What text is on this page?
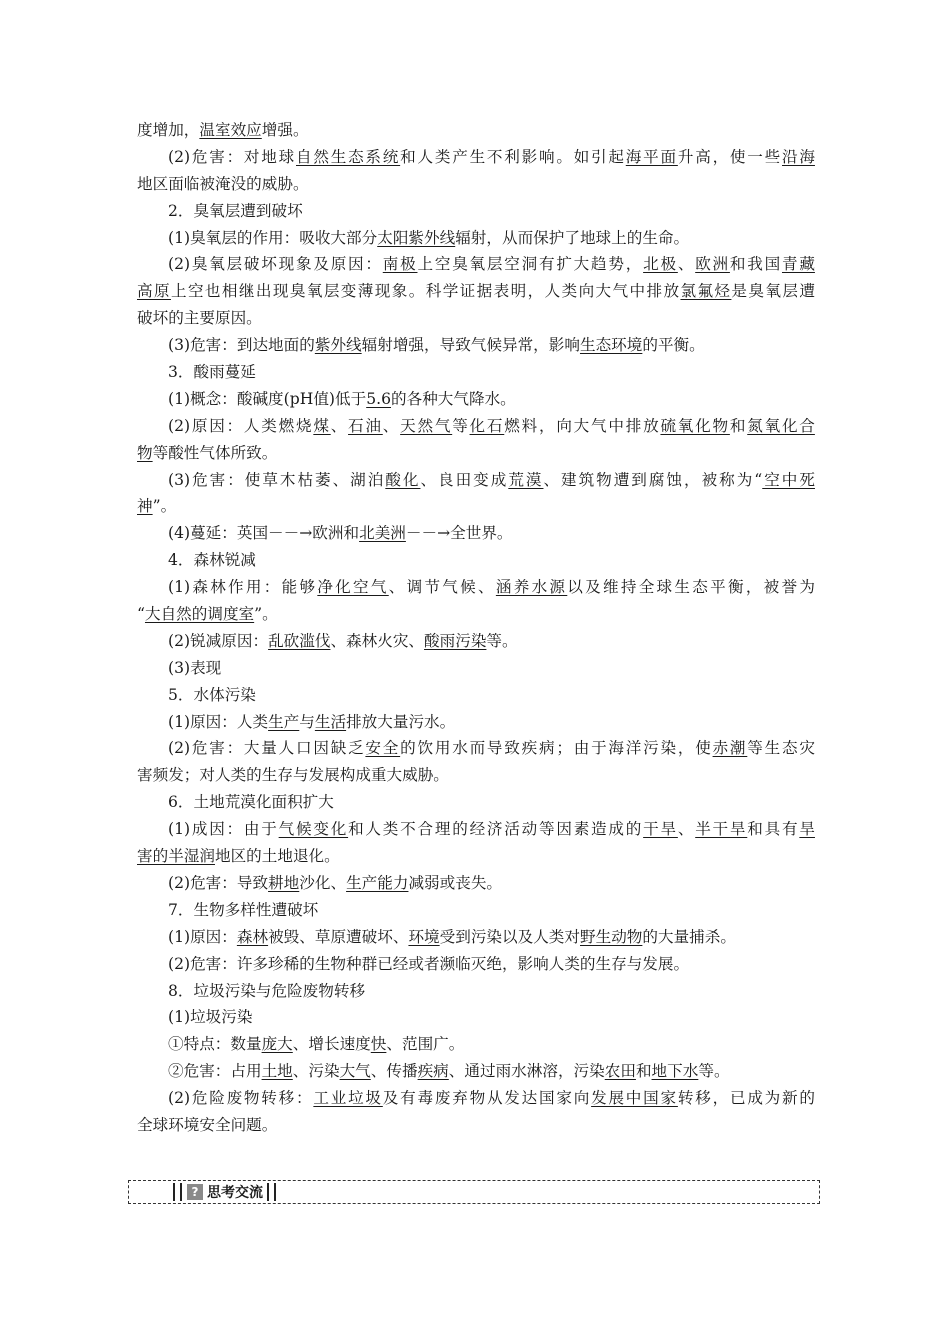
度增加，温室效应增强。
(2)危害：对地球自然生态系统和人类产生不利影响。如引起海平面升高，使一些沿海
地区面临被淹没的威胁。
2．臭氧层遭到破坏
(1)臭氧层的作用：吸收大部分太阳紫外线辐射，从而保护了地球上的生命。
(2)臭氧层破坏现象及原因：南极上空臭氧层空洞有扩大趋势，北极、欧洲和我国青藏
高原上空也相继出现臭氧层变薄现象。科学证据表明，人类向大气中排放氯氟烃是臭氧层遭
破坏的主要原因。
(3)危害：到达地面的紫外线辐射增强，导致气候异常，影响生态环境的平衡。
3．酸雨蔓延
(1)概念：酸碱度(pH值)低于5.6的各种大气降水。
(2)原因：人类燃烧煤、石油、天然气等化石燃料，向大气中排放硫氧化物和氮氧化合
物等酸性气体所致。
(3)危害：使草木枯萎、湖泊酸化、良田变成荒漠、建筑物遭到腐蚀，被称为“空中死
神”。
(4)蔓延：英国－－→欧洲和北美洲－－→全世界。
4．森林锐减
(1)森林作用：能够净化空气、调节气候、涵养水源以及维持全球生态平衡，被誉为
“大自然的调度室”。
(2)锐减原因：乱砍滥伐、森林火灾、酸雨污染等。
(3)表现
5．水体污染
(1)原因：人类生产与生活排放大量污水。
(2)危害：大量人口因缺乏安全的饮用水而导致疾病；由于海洋污染，使赤潮等生态灾
害频发；对人类的生存与发展构成重大威胁。
6．土地荒漠化面积扩大
(1)成因：由于气候变化和人类不合理的经济活动等因素造成的干旱、半干旱和具有旱
害的半湿润地区的土地退化。
(2)危害：导致耕地沙化、生产能力减弱或丧失。
7．生物多样性遭破坏
(1)原因：森林被毁、草原遭破坏、环境受到污染以及人类对野生动物的大量捕杀。
(2)危害：许多珍稀的生物种群已经或者濒临灭绝，影响人类的生存与发展。
8．垃圾污染与危险废物转移
(1)垃圾污染
①特点：数量庞大、增长速度快、范围广。
②危害：占用土地、污染大气、传播疾病、通过雨水淋溶，污染农田和地下水等。
(2)危险废物转移：工业垃圾及有毒废弃物从发达国家向发展中国家转移，已成为新的
全球环境安全问题。
? 思考交流
